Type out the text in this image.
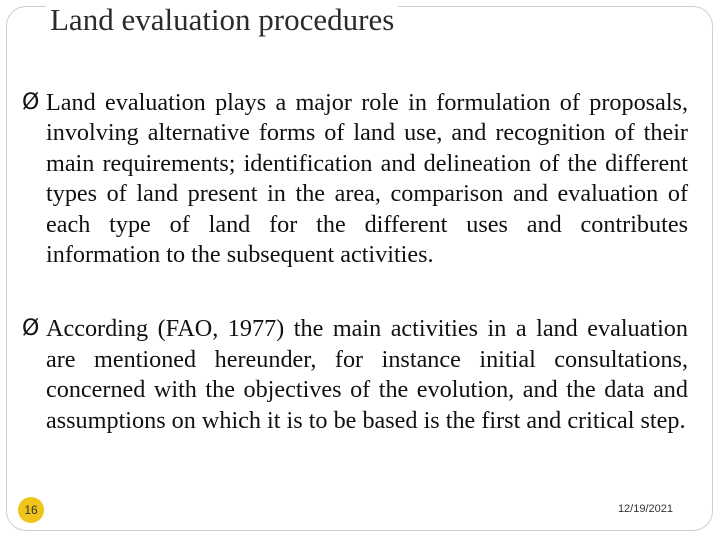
Land evaluation procedures
Ø Land evaluation plays a major role in formulation of proposals, involving alternative forms of land use, and recognition of their main requirements; identification and delineation of the different types of land present in the area, comparison and evaluation of each type of land for the different uses and contributes information to the subsequent activities.
Ø According (FAO, 1977) the main activities in a land evaluation are mentioned hereunder, for instance initial consultations, concerned with the objectives of the evolution, and the data and assumptions on which it is to be based is the first and critical step.
16	12/19/2021
